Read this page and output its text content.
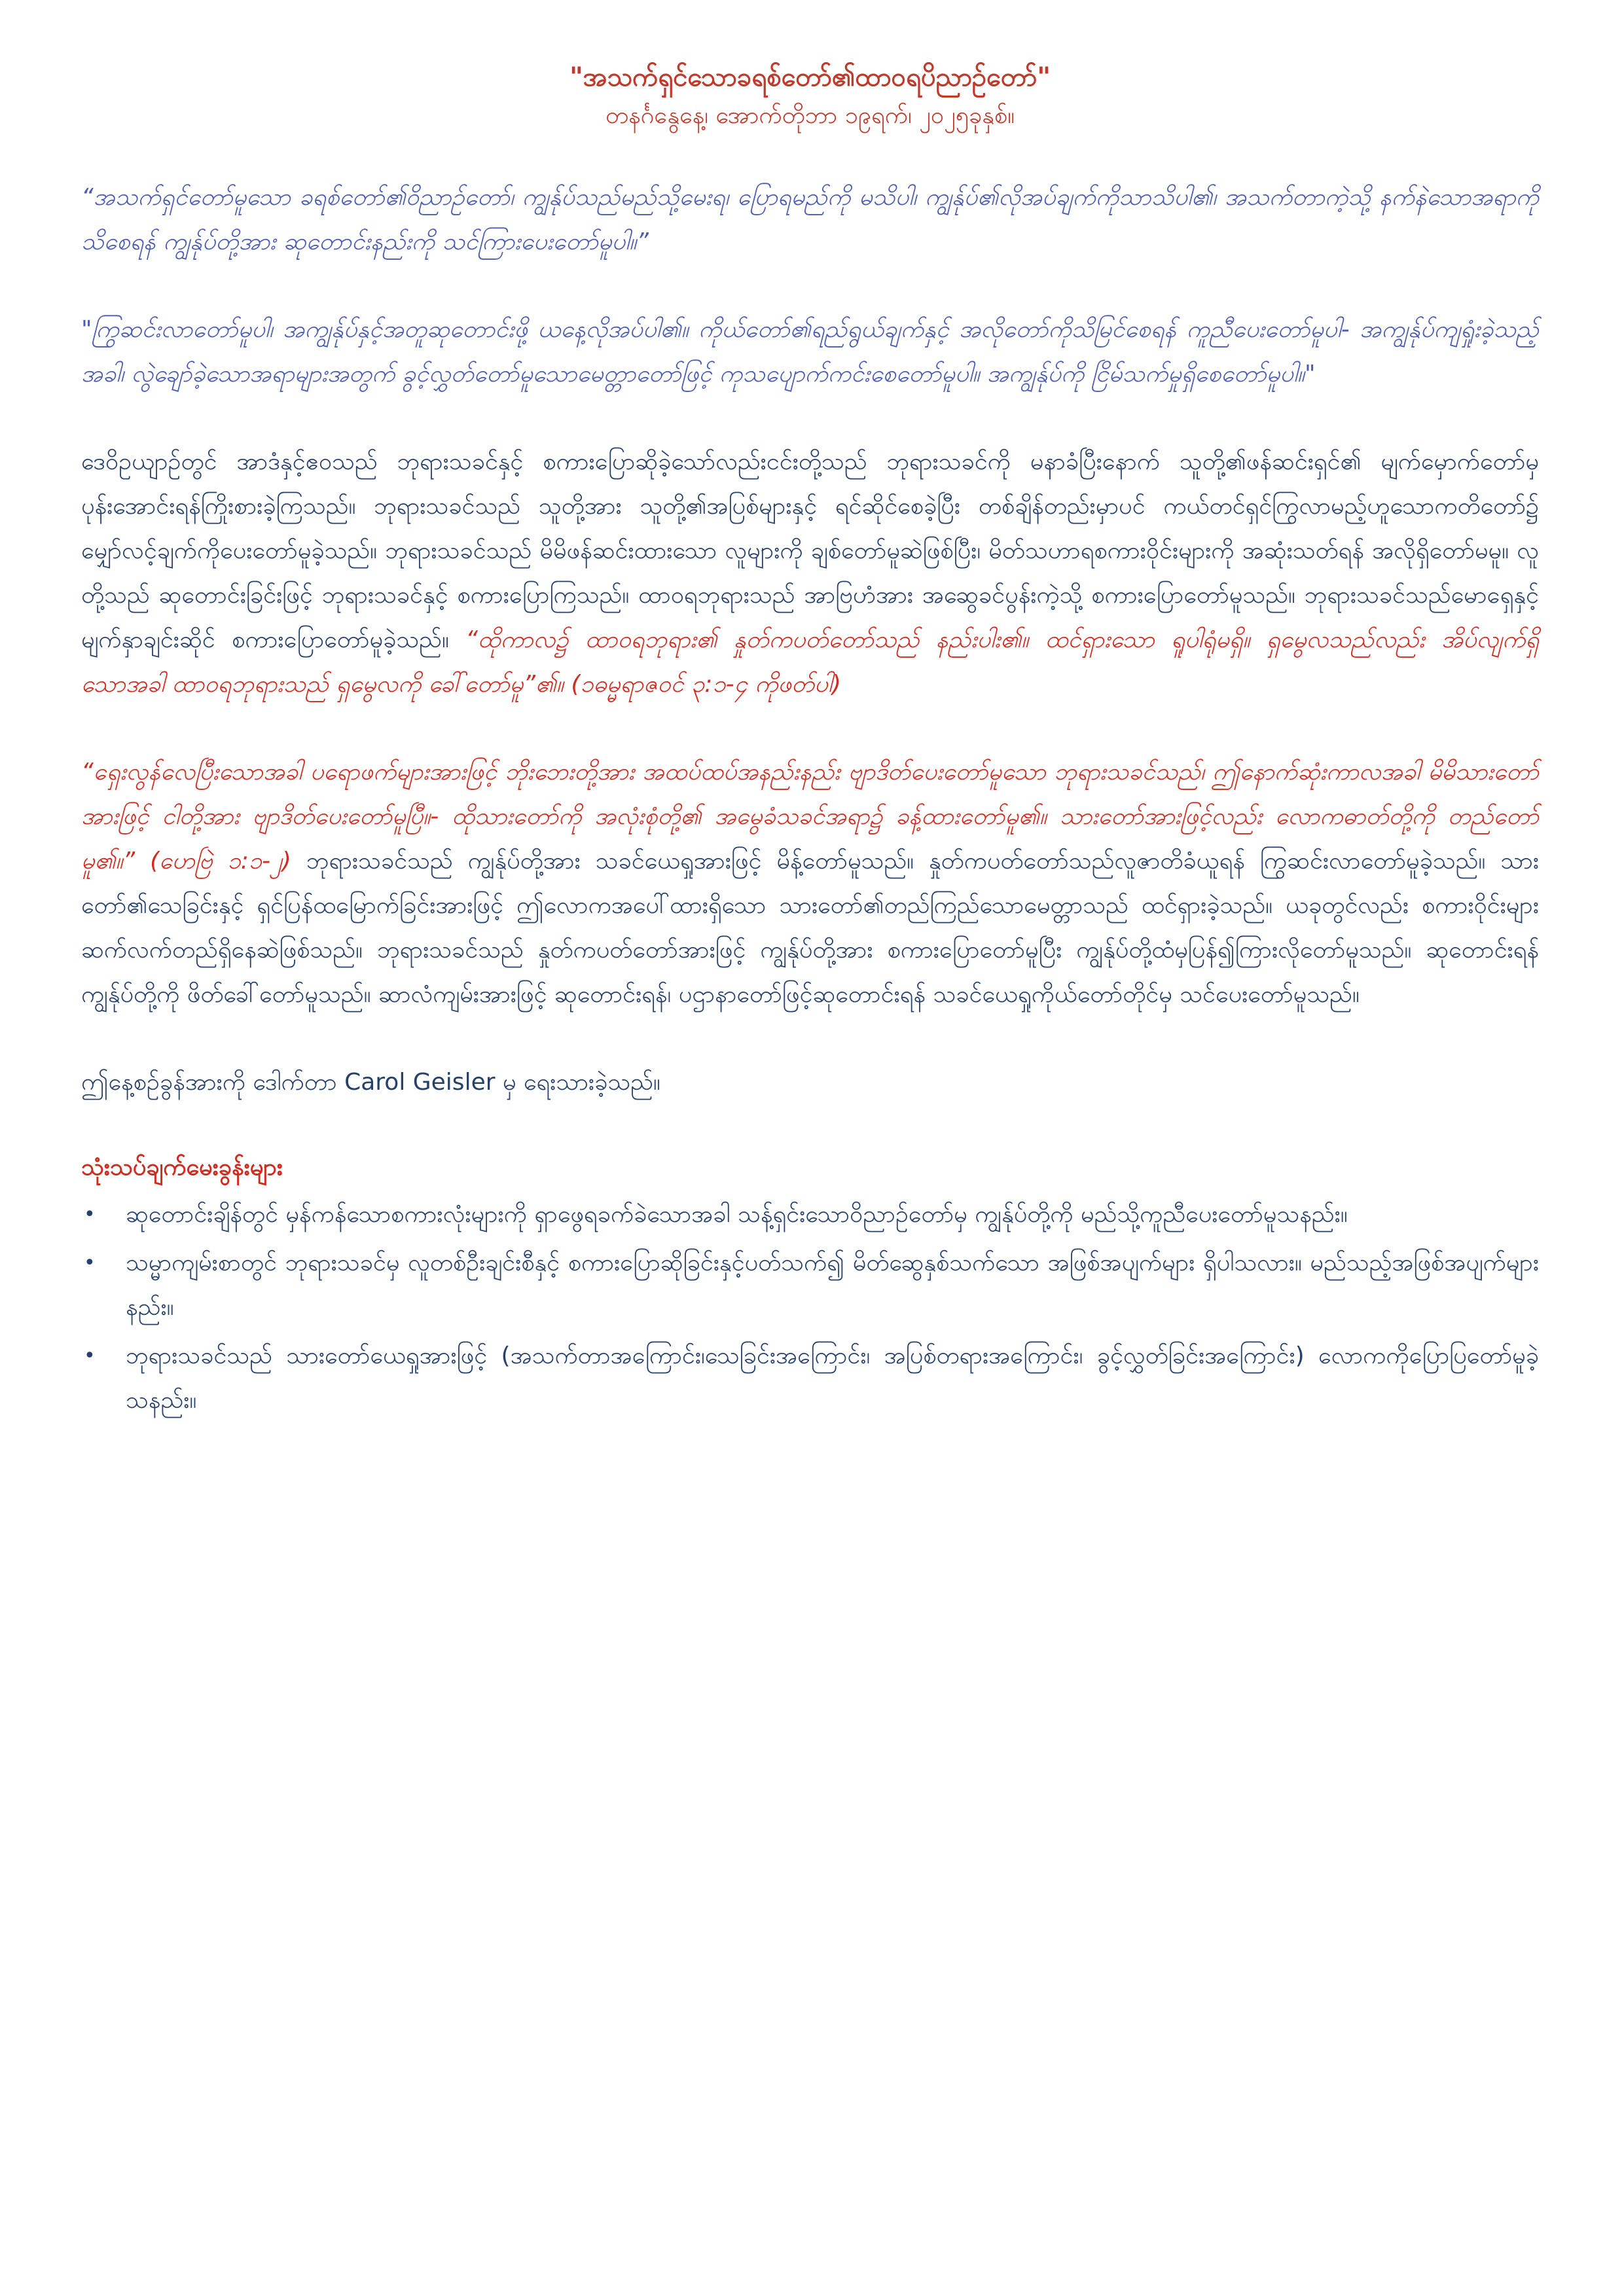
"အသက်ရှင်သောခရစ်တော်၏ထာဝရပိညာဉ်တော်"
တနင်္ဂနွေနေ့၊ အောက်တိုဘာ ၁၉ရက်၊ ၂၀၂၅ခုနှစ်။

“အသက်ရှင်တော်မူသော ခရစ်တော်၏ဝိညာဉ်တော်၊ ကျွန်ုပ်သည်မည်သို့မေးရ၊ ပြောရမည်ကို မသိပါ၊ ကျွန်ုပ်၏လိုအပ်ချက်ကိုသာသိပါ၏၊ အသက်တာကဲ့သို့ နက်နဲသောအရာကို သိစေရန် ကျွန်ုပ်တို့အား ဆုတောင်းနည်းကို သင်ကြားပေးတော်မူပါ။”

"ကြွဆင်းလာတော်မူပါ၊ အကျွန်ုပ်နှင့်အတူဆုတောင်းဖို့ ယနေ့လိုအပ်ပါ၏။ ကိုယ်တော်၏ရည်ရွယ်ချက်နှင့် အလိုတော်ကိုသိမြင်စေရန် ကူညီပေးတော်မူပါ- အကျွန်ုပ်ကျရှုံးခဲ့သည့်အခါ၊ လွဲချော်ခဲ့သောအရာများအတွက် ခွင့်လွှတ်တော်မူသောမေတ္တာတော်ဖြင့် ကုသပျောက်ကင်းစေတော်မူပါ။ အကျွန်ုပ်ကို ငြိမ်သက်မှုရှိစေတော်မူပါ။"

ဒေဝိဥယျာဉ်တွင် အာဒံနှင့်ဧဝသည် ဘုရားသခင်နှင့် စကားပြောဆိုခဲ့သော်လည်းငင်းတို့သည် ဘုရားသခင်ကို မနာခံပြီးနောက် သူတို့၏ဖန်ဆင်းရှင်၏ မျက်မှောက်တော်မှ ပုန်းအောင်းရန်ကြိုးစားခဲ့ကြသည်။ ဘုရားသခင်သည် သူတို့အား သူတို့၏အပြစ်များနှင့် ရင်ဆိုင်စေခဲ့ပြီး တစ်ချိန်တည်းမှာပင် ကယ်တင်ရှင်ကြွလာမည့်ဟူသောကတိတော်၌ မျှော်လင့်ချက်ကိုပေးတော်မူခဲ့သည်။ ဘုရားသခင်သည် မိမိဖန်ဆင်းထားသော လူများကို ချစ်တော်မူဆဲဖြစ်ပြီး၊ မိတ်သဟာရစကားဝိုင်းများကို အဆုံးသတ်ရန် အလိုရှိတော်မမူ။ လူတို့သည် ဆုတောင်းခြင်းဖြင့် ဘုရားသခင်နှင့် စကားပြောကြသည်။ ထာဝရဘုရားသည် အာဗြဟံအား အဆွေခင်ပွန်းကဲ့သို့ စကားပြောတော်မူသည်။ ဘုရားသခင်သည်မောရှေနှင့် မျက်နှာချင်းဆိုင် စကားပြောတော်မူခဲ့သည်။ “ထိုကာလ၌ ထာဝရဘုရား၏ နှုတ်ကပတ်တော်သည် နည်းပါး၏။ ထင်ရှားသော ရူပါရုံမရှိ။ ရှမွေလသည်လည်း အိပ်လျက်ရှိသောအခါ ထာဝရဘုရားသည် ရှမွေလကို ခေါ်တော်မူ”၏။ (၁ဓမ္မရာဇဝင် ၃:၁-၄ ကိုဖတ်ပါ)

“ရှေးလွန်လေပြီးသောအခါ ပရောဖက်များအားဖြင့် ဘိုးဘေးတို့အား အထပ်ထပ်အနည်းနည်း ဗျာဒိတ်ပေးတော်မူသော ဘုရားသခင်သည်၊ ဤနောက်ဆုံးကာလအခါ မိမိသားတော်အားဖြင့် ငါတို့အား ဗျာဒိတ်ပေးတော်မူပြီ။- ထိုသားတော်ကို အလုံးစုံတို့၏ အမွေခံသခင်အရာ၌ ခန့်ထားတော်မူ၏။ သားတော်အားဖြင့်လည်း လောကဓာတ်တို့ကို တည်တော်မူ၏။” (ဟေဗြဲ ၁:၁-၂) ဘုရားသခင်သည် ကျွန်ုပ်တို့အား သခင်ယေရှုအားဖြင့် မိန့်တော်မူသည်။ နှုတ်ကပတ်တော်သည်လူဇာတိခံယူရန် ကြွဆင်းလာတော်မူခဲ့သည်။ သားတော်၏သေခြင်းနှင့် ရှင်ပြန်ထမြောက်ခြင်းအားဖြင့် ဤလောကအပေါ်ထားရှိသော သားတော်၏တည်ကြည်သောမေတ္တာသည် ထင်ရှားခဲ့သည်။ ယခုတွင်လည်း စကားဝိုင်းများ ဆက်လက်တည်ရှိနေဆဲဖြစ်သည်။ ဘုရားသခင်သည် နှုတ်ကပတ်တော်အားဖြင့် ကျွန်ုပ်တို့အား စကားပြောတော်မူပြီး ကျွန်ုပ်တို့ထံမှပြန်၍ကြားလိုတော်မူသည်။ ဆုတောင်းရန် ကျွန်ုပ်တို့ကို ဖိတ်ခေါ်တော်မူသည်။ ဆာလံကျမ်းအားဖြင့် ဆုတောင်းရန်၊ ပဌာနာတော်ဖြင့်ဆုတောင်းရန် သခင်ယေရှုကိုယ်တော်တိုင်မှ သင်ပေးတော်မူသည်။

ဤနေ့စဉ်ခွန်အားကို ဒေါက်တာ Carol Geisler မှ ရေးသားခဲ့သည်။

သုံးသပ်ချက်မေးခွန်းများ
• ဆုတောင်းချိန်တွင် မှန်ကန်သောစကားလုံးများကို ရှာဖွေရခက်ခဲသောအခါ သန့်ရှင်းသောဝိညာဉ်တော်မှ ကျွန်ုပ်တို့ကို မည်သို့ကူညီပေးတော်မူသနည်း။
• သမ္မာကျမ်းစာတွင် ဘုရားသခင်မှ လူတစ်ဦးချင်းစီနှင့် စကားပြောဆိုခြင်းနှင့်ပတ်သက်၍ မိတ်ဆွေနှစ်သက်သော အဖြစ်အပျက်များ ရှိပါသလား။ မည်သည့်အဖြစ်အပျက်များနည်း။
• ဘုရားသခင်သည် သားတော်ယေရှုအားဖြင့် (အသက်တာအကြောင်း၊သေခြင်းအကြောင်း၊ အပြစ်တရားအကြောင်း၊ ခွင့်လွှတ်ခြင်းအကြောင်း) လောကကိုပြောပြတော်မူခဲ့သနည်း။
